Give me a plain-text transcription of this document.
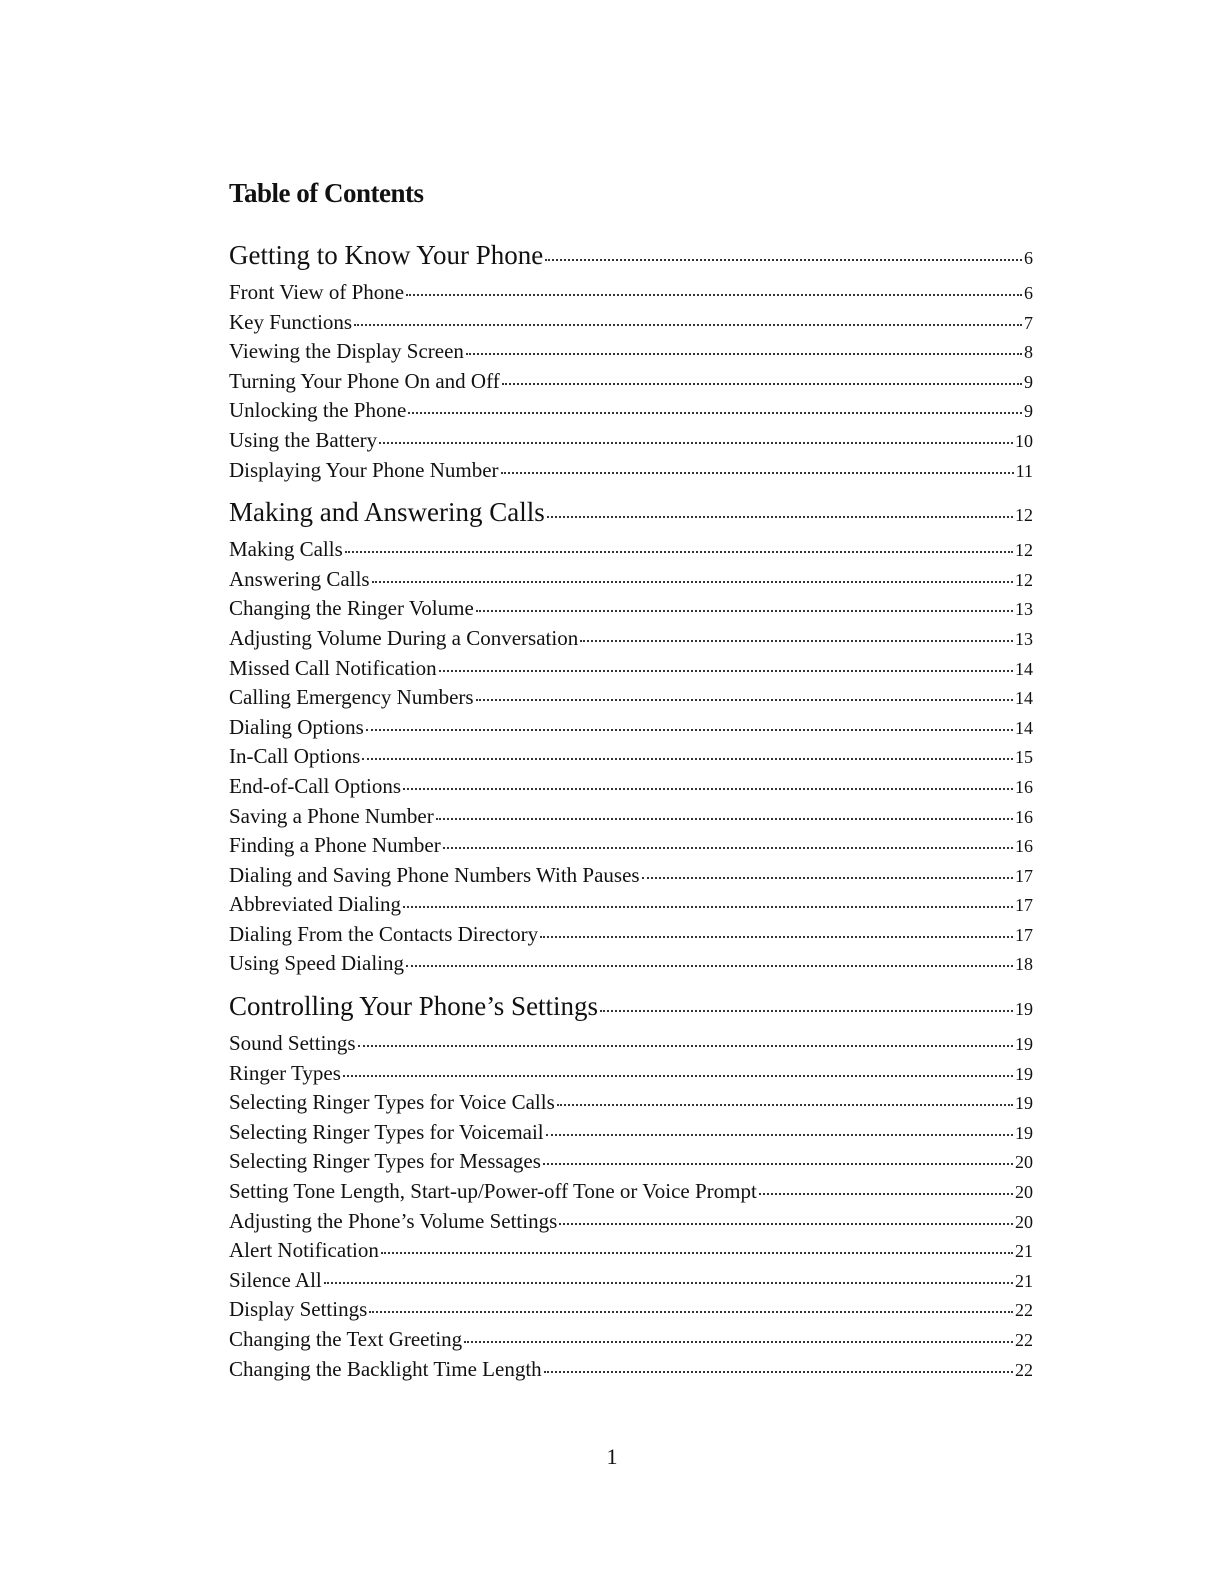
Table of Contents
Getting to Know Your Phone	6
Front View of Phone	6
Key Functions	7
Viewing the Display Screen	8
Turning Your Phone On and Off	9
Unlocking the Phone	9
Using the Battery	10
Displaying Your Phone Number	11
Making and Answering Calls	12
Making Calls	12
Answering Calls	12
Changing the Ringer Volume	13
Adjusting Volume During a Conversation	13
Missed Call Notification	14
Calling Emergency Numbers	14
Dialing Options	14
In-Call Options	15
End-of-Call Options	16
Saving a Phone Number	16
Finding a Phone Number	16
Dialing and Saving Phone Numbers With Pauses	17
Abbreviated Dialing	17
Dialing From the Contacts Directory	17
Using Speed Dialing	18
Controlling Your Phone’s Settings	19
Sound Settings	19
Ringer Types	19
Selecting Ringer Types for Voice Calls	19
Selecting Ringer Types for Voicemail	19
Selecting Ringer Types for Messages	20
Setting Tone Length, Start-up/Power-off Tone or Voice Prompt	20
Adjusting the Phone’s Volume Settings	20
Alert Notification	21
Silence All	21
Display Settings	22
Changing the Text Greeting	22
Changing the Backlight Time Length	22
1
